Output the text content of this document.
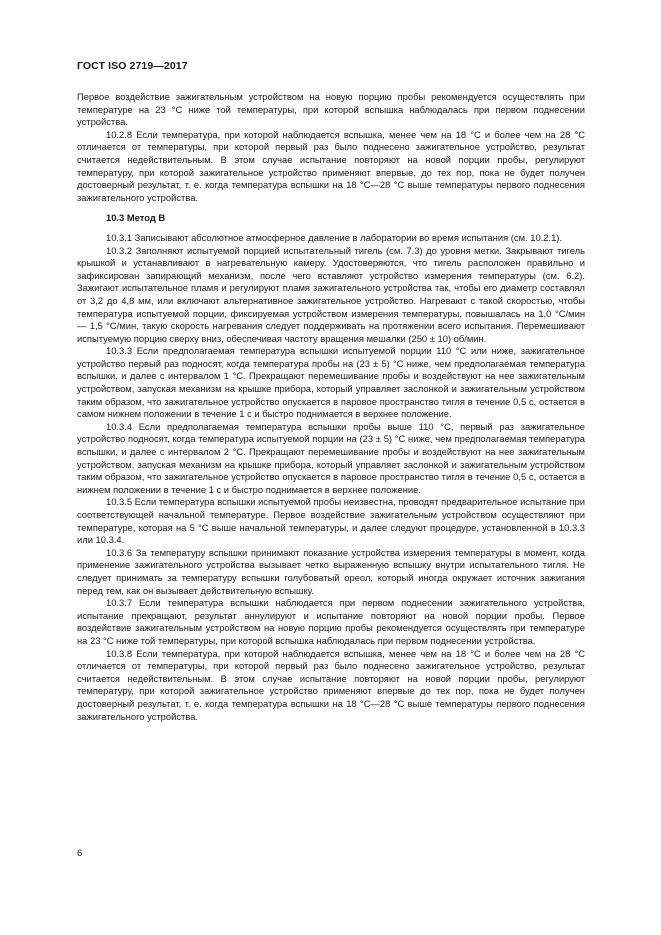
ГОСТ ISO 2719—2017

Первое воздействие зажигательным устройством на новую порцию пробы рекомендуется осуществлять при температуре на 23 °С ниже той температуры, при которой вспышка наблюдалась при первом поднесении устройства.

10.2.8 Если температура, при которой наблюдается вспышка, менее чем на 18 °С и более чем на 28 °С отличается от температуры, при которой первый раз было поднесено зажигательное устройство, результат считается недействительным. В этом случае испытание повторяют на новой порции пробы, регулируют температуру, при которой зажигательное устройство применяют впервые, до тех пор, пока не будет получен достоверный результат, т. е. когда температура вспышки на 18 °С—28 °С выше температуры первого поднесения зажигательного устройства.

10.3 Метод В

10.3.1 Записывают абсолютное атмосферное давление в лаборатории во время испытания (см. 10.2.1).

10.3.2 Заполняют испытуемой порцией испытательный тигель (см. 7.3) до уровня метки. Закрывают тигель крышкой и устанавливают в нагревательную камеру. Удостоверяются, что тигель расположен правильно и зафиксирован запирающий механизм, после чего вставляют устройство измерения температуры (см. 6.2). Зажигают испытательное пламя и регулируют пламя зажигательного устройства так, чтобы его диаметр составлял от 3,2 до 4,8 мм, или включают альтернативное зажигательное устройство. Нагревают с такой скоростью, чтобы температура испытуемой порции, фиксируемая устройством измерения температуры, повышалась на 1,0 °С/мин — 1,5 °С/мин, такую скорость нагревания следует поддерживать на протяжении всего испытания. Перемешивают испытуемую порцию сверху вниз, обеспечивая частоту вращения мешалки (250 ± 10) об/мин.

10.3.3 Если предполагаемая температура вспышки испытуемой порции 110 °С или ниже, зажигательное устройство первый раз подносят, когда температура пробы на (23 ± 5) °С ниже, чем предполагаемая температура вспышки, и далее с интервалом 1 °С. Прекращают перемешивание пробы и воздействуют на нее зажигательным устройством, запуская механизм на крышке прибора, который управляет заслонкой и зажигательным устройством таким образом, что зажигательное устройство опускается в паровое пространство тигля в течение 0,5 с, остается в самом нижнем положении в течение 1 с и быстро поднимается в верхнее положение.

10.3.4 Если предполагаемая температура вспышки пробы выше 110 °С, первый раз зажигательное устройство подносят, когда температура испытуемой порции на (23 ± 5) °С ниже, чем предполагаемая температура вспышки, и далее с интервалом 2 °С. Прекращают перемешивание пробы и воздействуют на нее зажигательным устройством, запуская механизм на крышке прибора, который управляет заслонкой и зажигательным устройством таким образом, что зажигательное устройство опускается в паровое пространство тигля в течение 0,5 с, остается в нижнем положении в течение 1 с и быстро поднимается в верхнее положение.

10.3.5 Если температура вспышки испытуемой пробы неизвестна, проводят предварительное испытание при соответствующей начальной температуре. Первое воздействие зажигательным устройством осуществляют при температуре, которая на 5 °С выше начальной температуры, и далее следуют процедуре, установленной в 10.3.3 или 10.3.4.

10.3.6 За температуру вспышки принимают показание устройства измерения температуры в момент, когда применение зажигательного устройства вызывает четко выраженную вспышку внутри испытательного тигля. Не следует принимать за температуру вспышки голубоватый ореол, который иногда окружает источник зажигания перед тем, как он вызывает действительную вспышку.

10.3.7 Если температура вспышки наблюдается при первом поднесении зажигательного устройства, испытание прекращают, результат аннулируют и испытание повторяют на новой порции пробы. Первое воздействие зажигательным устройством на новую порцию пробы рекомендуется осуществлять при температуре на 23 °С ниже той температуры, при которой вспышка наблюдалась при первом поднесении устройства.

10.3.8 Если температура, при которой наблюдается вспышка, менее чем на 18 °С и более чем на 28 °С отличается от температуры, при которой первый раз было поднесено зажигательное устройство, результат считается недействительным. В этом случае испытание повторяют на новой порции пробы, регулируют температуру, при которой зажигательное устройство применяют впервые до тех пор, пока не будет получен достоверный результат, т. е. когда температура вспышки на 18 °С—28 °С выше температуры первого поднесения зажигательного устройства.

6
